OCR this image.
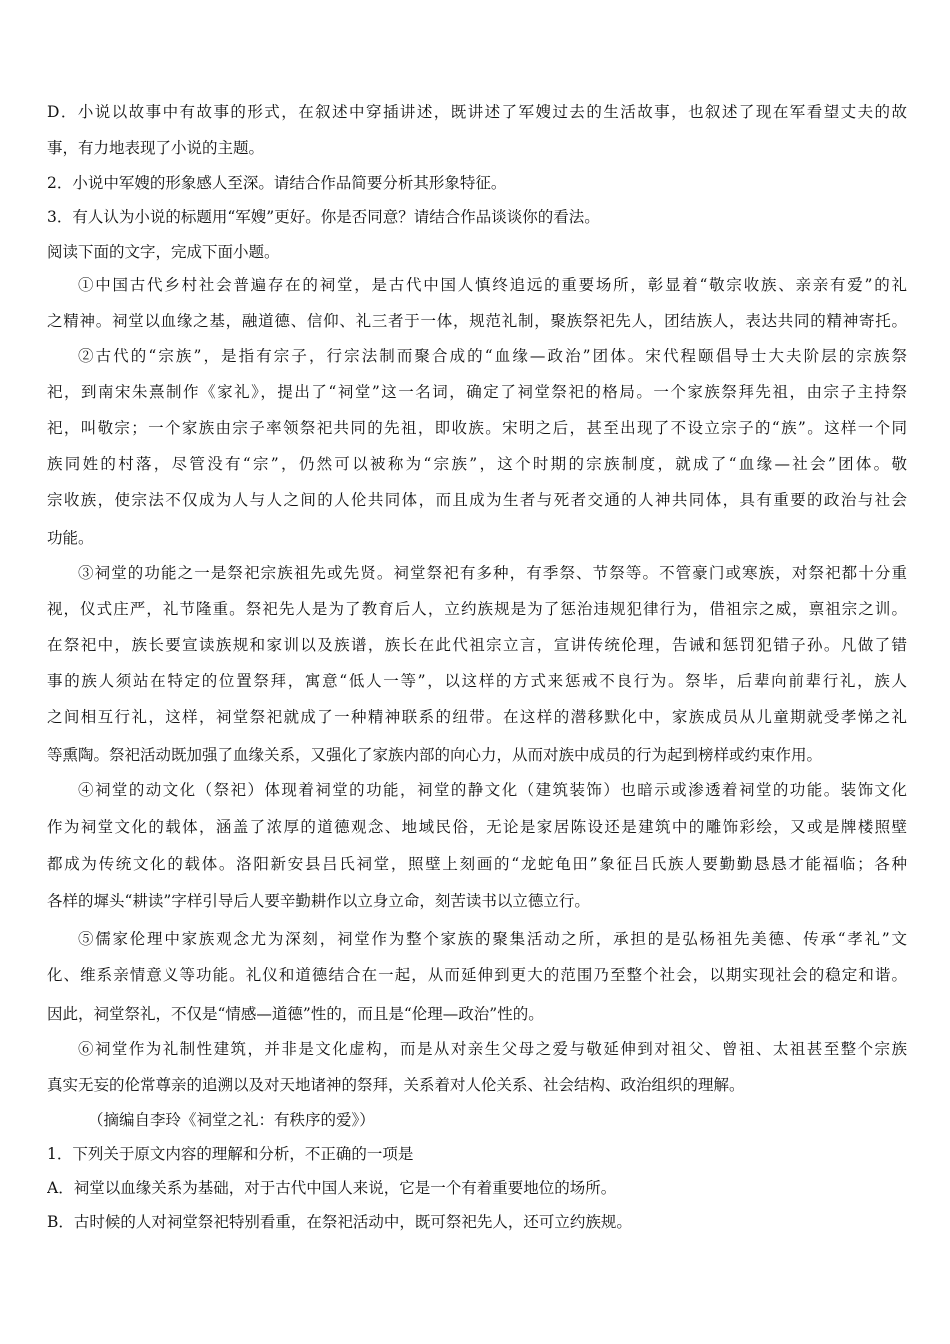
D．小说以故事中有故事的形式，在叙述中穿插讲述，既讲述了军嫂过去的生活故事，也叙述了现在军看望丈夫的故
事，有力地表现了小说的主题。
2．小说中军嫂的形象感人至深。请结合作品简要分析其形象特征。
3．有人认为小说的标题用“军嫂”更好。你是否同意？请结合作品谈谈你的看法。
阅读下面的文字，完成下面小题。
①中国古代乡村社会普遍存在的祠堂，是古代中国人慎终追远的重要场所，彰显着“敬宗收族、亲亲有爱”的礼
之精神。祠堂以血缘之基，融道德、信仰、礼三者于一体，规范礼制，聚族祭祀先人，团结族人，表达共同的精神寄托。
②古代的“宗族”，是指有宗子，行宗法制而聚合成的“血缘—政治”团体。宋代程颐倡导士大夫阶层的宗族祭
祀，到南宋朱熹制作《家礼》，提出了“祠堂”这一名词，确定了祠堂祭祀的格局。一个家族祭拜先祖，由宗子主持祭
祀，叫敬宗；一个家族由宗子率领祭祀共同的先祖，即收族。宋明之后，甚至出现了不设立宗子的“族”。这样一个同
族同姓的村落，尽管没有“宗”，仍然可以被称为“宗族”，这个时期的宗族制度，就成了“血缘—社会”团体。敬
宗收族，使宗法不仅成为人与人之间的人伦共同体，而且成为生者与死者交通的人神共同体，具有重要的政治与社会
功能。
③祠堂的功能之一是祭祀宗族祖先或先贤。祠堂祭祀有多种，有季祭、节祭等。不管豪门或寒族，对祭祀都十分重
视，仪式庄严，礼节隆重。祭祀先人是为了教育后人，立约族规是为了惩治违规犯律行为，借祖宗之威，禀祖宗之训。
在祭祀中，族长要宣读族规和家训以及族谱，族长在此代祖宗立言，宣讲传统伦理，告诫和惩罚犯错子孙。凡做了错
事的族人须站在特定的位置祭拜，寓意“低人一等”，以这样的方式来惩戒不良行为。祭毕，后辈向前辈行礼，族人
之间相互行礼，这样，祠堂祭祀就成了一种精神联系的纽带。在这样的潜移默化中，家族成员从儿童期就受孝悌之礼
等熏陶。祭祀活动既加强了血缘关系，又强化了家族内部的向心力，从而对族中成员的行为起到榜样或约束作用。
④祠堂的动文化（祭祀）体现着祠堂的功能，祠堂的静文化（建筑装饰）也暗示或渗透着祠堂的功能。装饰文化
作为祠堂文化的载体，涵盖了浓厚的道德观念、地域民俗，无论是家居陈设还是建筑中的雕饰彩绘，又或是牌楼照壁
都成为传统文化的载体。洛阳新安县吕氏祠堂，照壁上刻画的“龙蛇龟田”象征吕氏族人要勤勤恳恳才能福临；各种
各样的墀头“耕读”字样引导后人要辛勤耕作以立身立命，刻苦读书以立德立行。
⑤儒家伦理中家族观念尤为深刻，祠堂作为整个家族的聚集活动之所，承担的是弘杨祖先美德、传承“孝礼”文
化、维系亲情意义等功能。礼仪和道德结合在一起，从而延伸到更大的范围乃至整个社会，以期实现社会的稳定和谐。
因此，祠堂祭礼，不仅是“情感—道德”性的，而且是“伦理—政治”性的。
⑥祠堂作为礼制性建筑，并非是文化虚构，而是从对亲生父母之爱与敬延伸到对祖父、曾祖、太祖甚至整个宗族
真实无妄的伦常尊亲的追溯以及对天地诸神的祭拜，关系着对人伦关系、社会结构、政治组织的理解。
（摘编自李玲《祠堂之礼：有秩序的爱》）
1．下列关于原文内容的理解和分析，不正确的一项是
A．祠堂以血缘关系为基础，对于古代中国人来说，它是一个有着重要地位的场所。
B．古时候的人对祠堂祭祀特别看重，在祭祀活动中，既可祭祀先人，还可立约族规。
